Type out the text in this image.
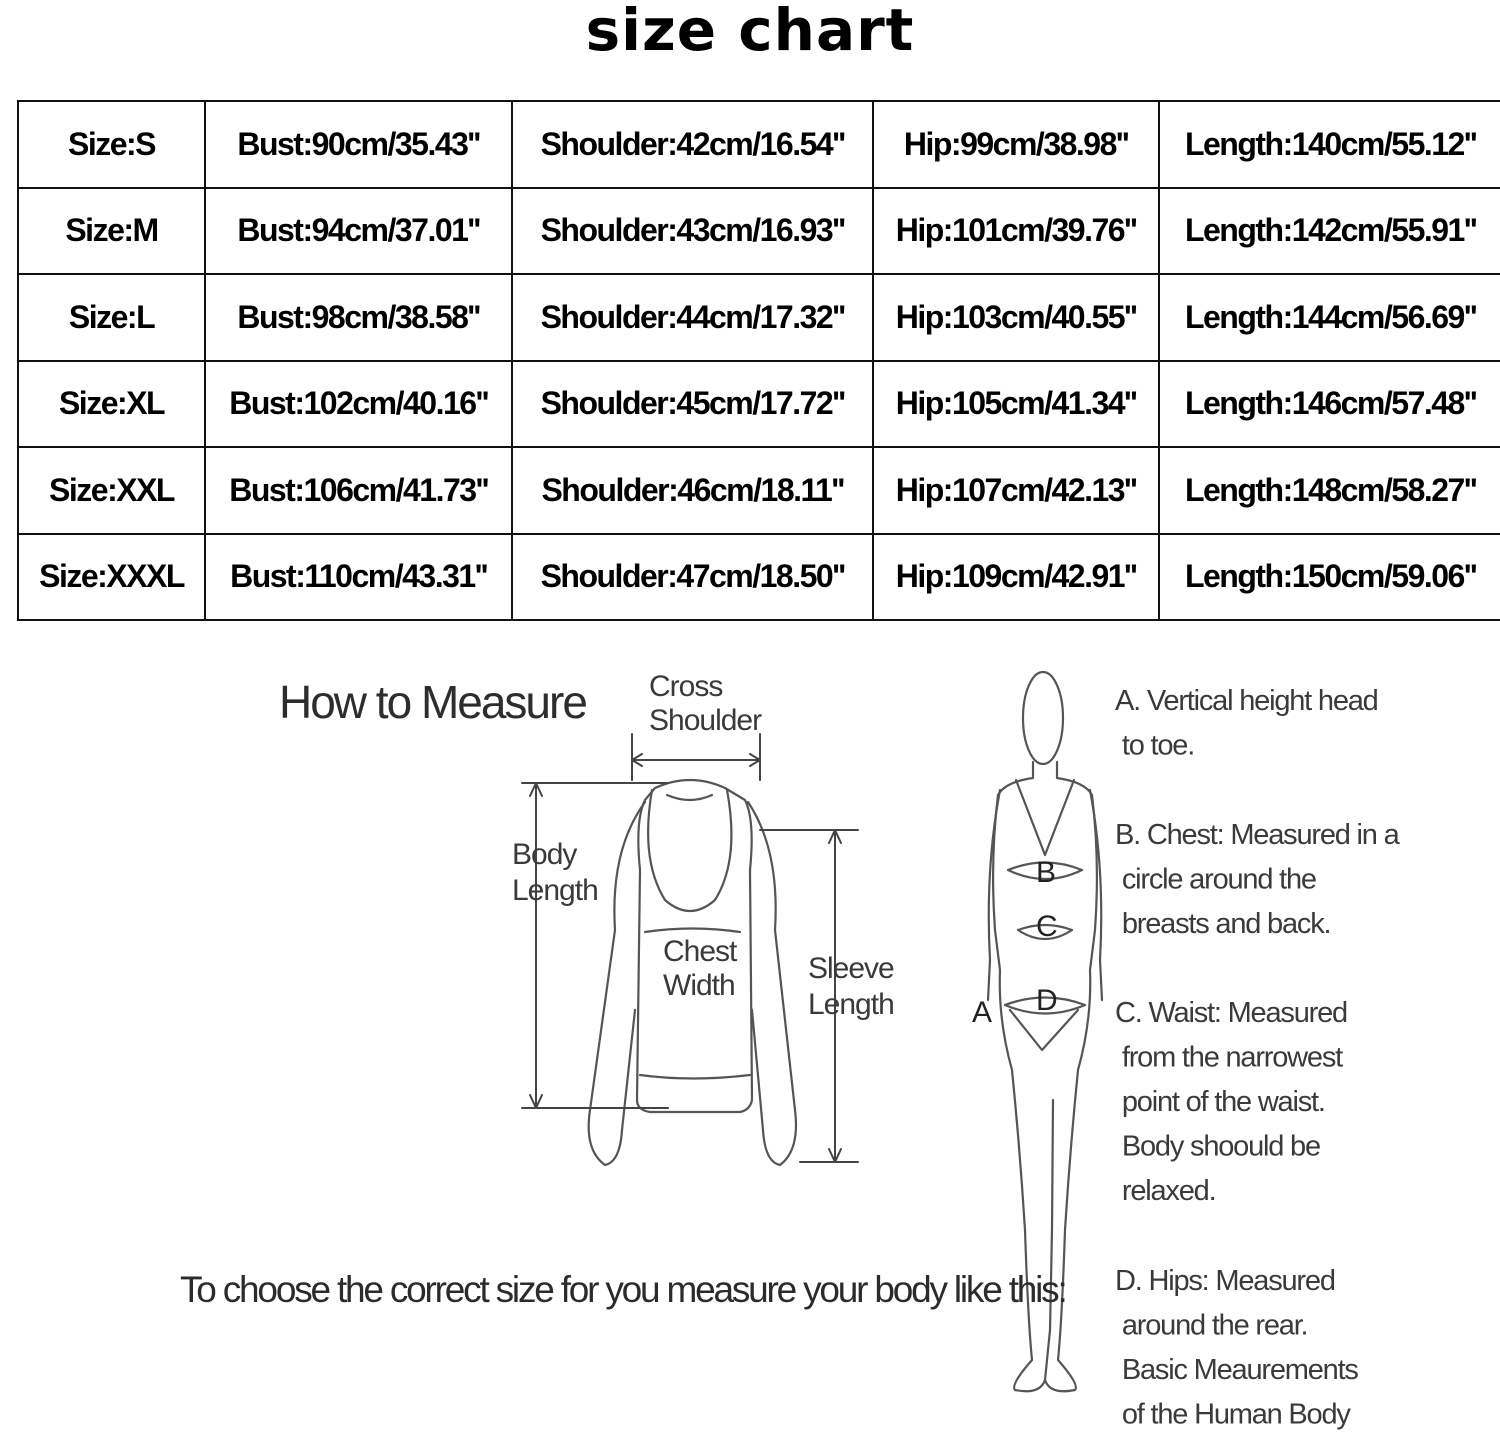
size chart
Size:S	Bust:90cm/35.43''	Shoulder:42cm/16.54''	Hip:99cm/38.98''	Length:140cm/55.12''
Size:M	Bust:94cm/37.01''	Shoulder:43cm/16.93''	Hip:101cm/39.76''	Length:142cm/55.91''
Size:L	Bust:98cm/38.58''	Shoulder:44cm/17.32''	Hip:103cm/40.55''	Length:144cm/56.69''
Size:XL	Bust:102cm/40.16''	Shoulder:45cm/17.72''	Hip:105cm/41.34''	Length:146cm/57.48''
Size:XXL	Bust:106cm/41.73''	Shoulder:46cm/18.11''	Hip:107cm/42.13''	Length:148cm/58.27''
Size:XXXL	Bust:110cm/43.31''	Shoulder:47cm/18.50''	Hip:109cm/42.91''	Length:150cm/59.06''
How to Measure Cross Shoulder
Body Length
Chest Width
Sleeve Length	A
B
C
D
To choose the correct size for you measure your body like this:
A. Vertical height head to toe.
B. Chest: Measured in a circle around the breasts and back.
C. Waist: Measured from the narrowest point of the waist. Body shoould be relaxed.
D. Hips: Measured around the rear. Basic Meaurements of the Human Body
